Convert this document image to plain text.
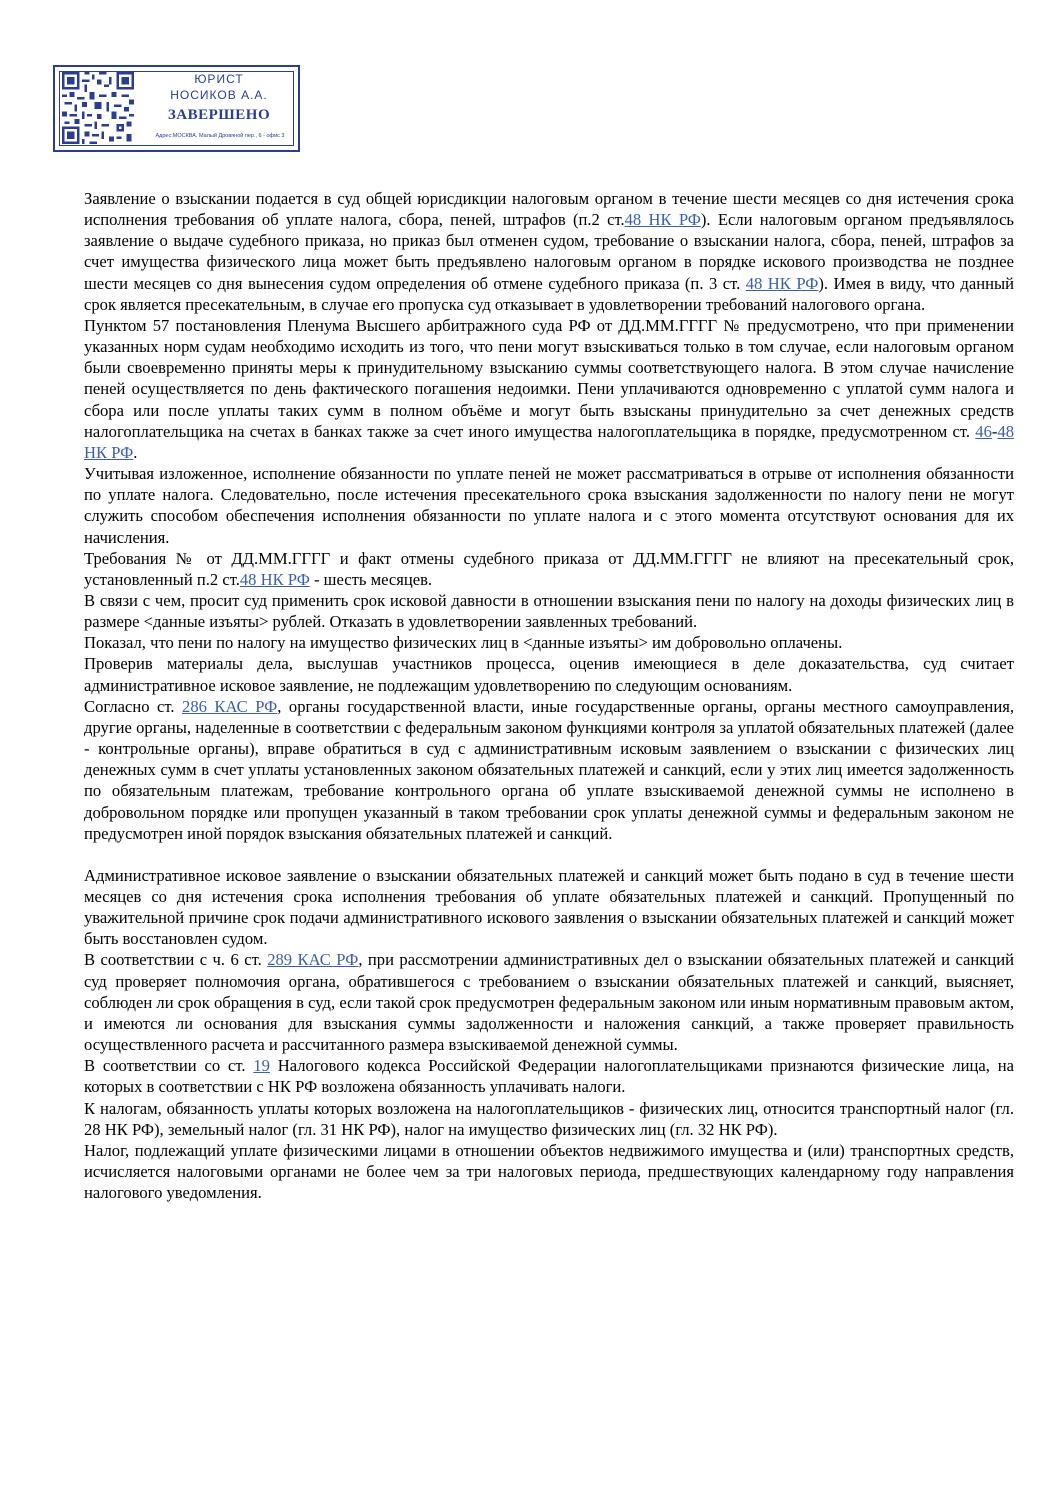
ЮРИСТ
НОСИКОВ А.А.
ЗАВЕРШЕНО
Адрес:МОСКВА, Малый Дровяной пер., 6 - офис 3

Заявление о взыскании подается в суд общей юрисдикции налоговым органом в течение шести месяцев со дня истечения срока исполнения требования об уплате налога, сбора, пеней, штрафов (п.2 ст.48 НК РФ). Если налоговым органом предъявлялось заявление о выдаче судебного приказа, но приказ был отменен судом, требование о взыскании налога, сбора, пеней, штрафов за счет имущества физического лица может быть предъявлено налоговым органом в порядке искового производства не позднее шести месяцев со дня вынесения судом определения об отмене судебного приказа (п. 3 ст. 48 НК РФ). Имея в виду, что данный срок является пресекательным, в случае его пропуска суд отказывает в удовлетворении требований налогового органа.

Пунктом 57 постановления Пленума Высшего арбитражного суда РФ от ДД.ММ.ГГГГ № предусмотрено, что при применении указанных норм судам необходимо исходить из того, что пени могут взыскиваться только в том случае, если налоговым органом были своевременно приняты меры к принудительному взысканию суммы соответствующего налога. В этом случае начисление пеней осуществляется по день фактического погашения недоимки. Пени уплачиваются одновременно с уплатой сумм налога и сбора или после уплаты таких сумм в полном объёме и могут быть взысканы принудительно за счет денежных средств налогоплательщика на счетах в банках также за счет иного имущества налогоплательщика в порядке, предусмотренном ст. 46-48 НК РФ.

Учитывая изложенное, исполнение обязанности по уплате пеней не может рассматриваться в отрыве от исполнения обязанности по уплате налога. Следовательно, после истечения пресекательного срока взыскания задолженности по налогу пени не могут служить способом обеспечения исполнения обязанности по уплате налога и с этого момента отсутствуют основания для их начисления.

Требования № от ДД.ММ.ГГГГ и факт отмены судебного приказа от ДД.ММ.ГГГГ не влияют на пресекательный срок, установленный п.2 ст.48 НК РФ - шесть месяцев.

В связи с чем, просит суд применить срок исковой давности в отношении взыскания пени по налогу на доходы физических лиц в размере <данные изъяты> рублей. Отказать в удовлетворении заявленных требований.

Показал, что пени по налогу на имущество физических лиц в <данные изъяты> им добровольно оплачены.

Проверив материалы дела, выслушав участников процесса, оценив имеющиеся в деле доказательства, суд считает административное исковое заявление, не подлежащим удовлетворению по следующим основаниям.

Согласно ст. 286 КАС РФ, органы государственной власти, иные государственные органы, органы местного самоуправления, другие органы, наделенные в соответствии с федеральным законом функциями контроля за уплатой обязательных платежей (далее - контрольные органы), вправе обратиться в суд с административным исковым заявлением о взыскании с физических лиц денежных сумм в счет уплаты установленных законом обязательных платежей и санкций, если у этих лиц имеется задолженность по обязательным платежам, требование контрольного органа об уплате взыскиваемой денежной суммы не исполнено в добровольном порядке или пропущен указанный в таком требовании срок уплаты денежной суммы и федеральным законом не предусмотрен иной порядок взыскания обязательных платежей и санкций.

Административное исковое заявление о взыскании обязательных платежей и санкций может быть подано в суд в течение шести месяцев со дня истечения срока исполнения требования об уплате обязательных платежей и санкций. Пропущенный по уважительной причине срок подачи административного искового заявления о взыскании обязательных платежей и санкций может быть восстановлен судом.

В соответствии с ч. 6 ст. 289 КАС РФ, при рассмотрении административных дел о взыскании обязательных платежей и санкций суд проверяет полномочия органа, обратившегося с требованием о взыскании обязательных платежей и санкций, выясняет, соблюден ли срок обращения в суд, если такой срок предусмотрен федеральным законом или иным нормативным правовым актом, и имеются ли основания для взыскания суммы задолженности и наложения санкций, а также проверяет правильность осуществленного расчета и рассчитанного размера взыскиваемой денежной суммы.

В соответствии со ст. 19 Налогового кодекса Российской Федерации налогоплательщиками признаются физические лица, на которых в соответствии с НК РФ возложена обязанность уплачивать налоги.

К налогам, обязанность уплаты которых возложена на налогоплательщиков - физических лиц, относится транспортный налог (гл. 28 НК РФ), земельный налог (гл. 31 НК РФ), налог на имущество физических лиц (гл. 32 НК РФ).

Налог, подлежащий уплате физическими лицами в отношении объектов недвижимого имущества и (или) транспортных средств, исчисляется налоговыми органами не более чем за три налоговых периода, предшествующих календарному году направления налогового уведомления.
